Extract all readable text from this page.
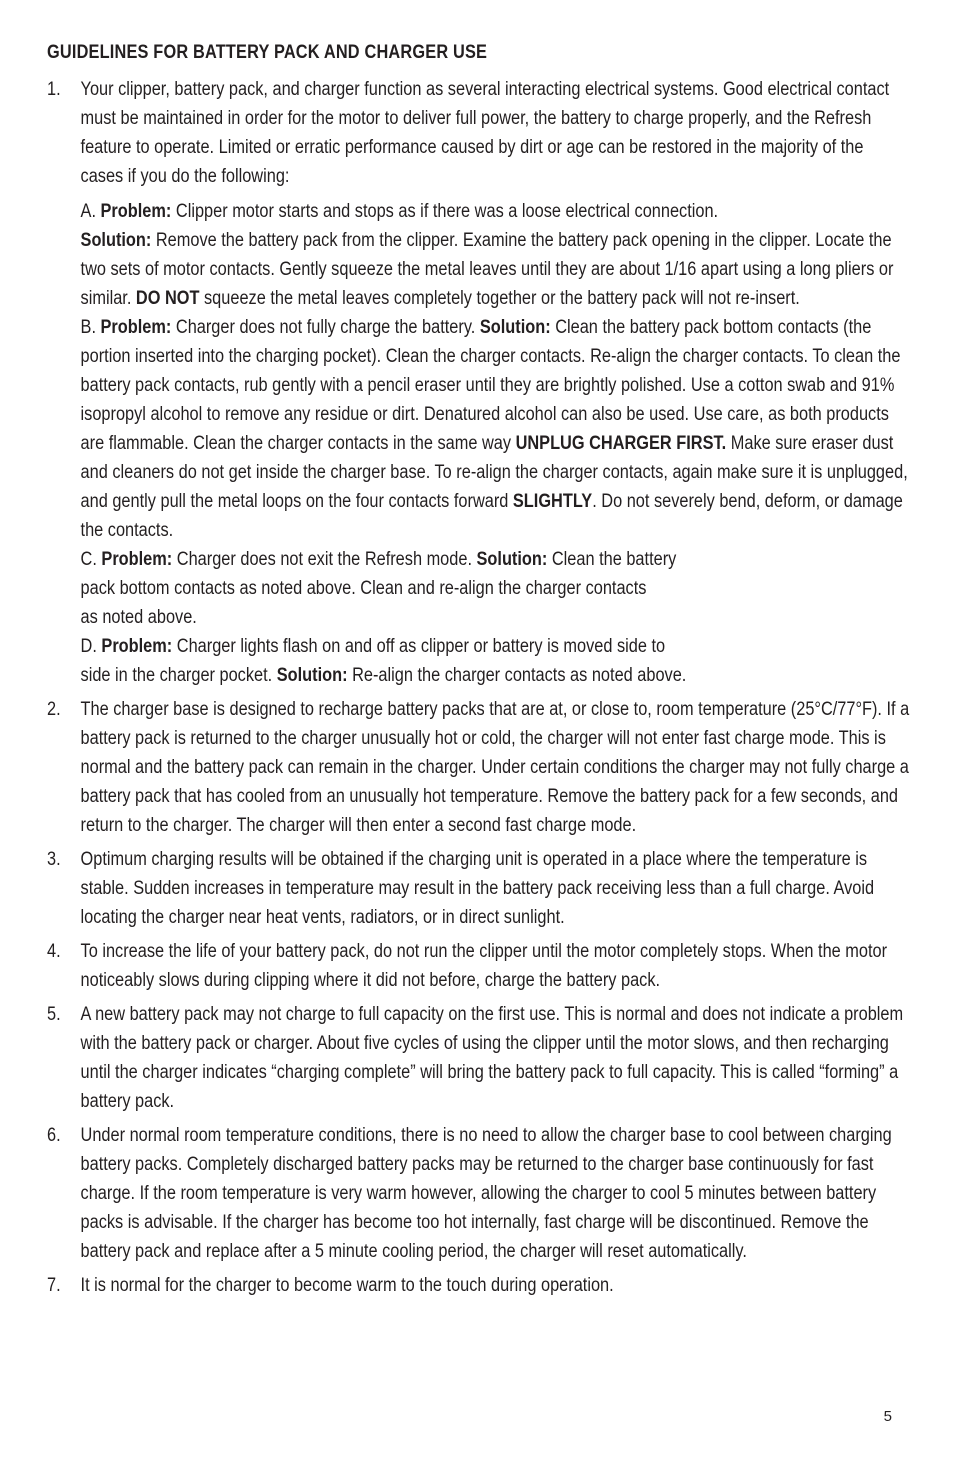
GUIDELINES FOR BATTERY PACK AND CHARGER USE
1. Your clipper, battery pack, and charger function as several interacting electrical systems. Good electrical contact must be maintained in order for the motor to deliver full power, the battery to charge properly, and the Refresh feature to operate. Limited or erratic performance caused by dirt or age can be restored in the majority of the cases if you do the following:

A. Problem: Clipper motor starts and stops as if there was a loose electrical connection.
Solution: Remove the battery pack from the clipper. Examine the battery pack opening in the clipper. Locate the two sets of motor contacts. Gently squeeze the metal leaves until they are about 1/16 apart using a long pliers or similar. DO NOT squeeze the metal leaves completely together or the battery pack will not re-insert.

B. Problem: Charger does not fully charge the battery. Solution: Clean the battery pack bottom contacts (the portion inserted into the charging pocket). Clean the charger contacts. Re-align the charger contacts. To clean the battery pack contacts, rub gently with a pencil eraser until they are brightly polished. Use a cotton swab and 91% isopropyl alcohol to remove any residue or dirt. Denatured alcohol can also be used. Use care, as both products are flammable. Clean the charger contacts in the same way UNPLUG CHARGER FIRST. Make sure eraser dust and cleaners do not get inside the charger base. To re-align the charger contacts, again make sure it is unplugged, and gently pull the metal loops on the four contacts forward SLIGHTLY. Do not severely bend, deform, or damage the contacts.

C. Problem: Charger does not exit the Refresh mode. Solution: Clean the battery
pack bottom contacts as noted above. Clean and re-align the charger contacts
as noted above.

D. Problem: Charger lights flash on and off as clipper or battery is moved side to
side in the charger pocket. Solution: Re-align the charger contacts as noted above.

2. The charger base is designed to recharge battery packs that are at, or close to, room temperature (25°C/77°F). If a battery pack is returned to the charger unusually hot or cold, the charger will not enter fast charge mode. This is normal and the battery pack can remain in the charger. Under certain conditions the charger may not fully charge a battery pack that has cooled from an unusually hot temperature. Remove the battery pack for a few seconds, and return to the charger. The charger will then enter a second fast charge mode.
3. Optimum charging results will be obtained if the charging unit is operated in a place where the temperature is stable. Sudden increases in temperature may result in the battery pack receiving less than a full charge. Avoid locating the charger near heat vents, radiators, or in direct sunlight.
4. To increase the life of your battery pack, do not run the clipper until the motor completely stops. When the motor noticeably slows during clipping where it did not before, charge the battery pack.
5. A new battery pack may not charge to full capacity on the first use. This is normal and does not indicate a problem with the battery pack or charger. About five cycles of using the clipper until the motor slows, and then recharging until the charger indicates “charging complete” will bring the battery pack to full capacity. This is called “forming” a battery pack.
6. Under normal room temperature conditions, there is no need to allow the charger base to cool between charging battery packs. Completely discharged battery packs may be returned to the charger base continuously for fast charge. If the room temperature is very warm however, allowing the charger to cool 5 minutes between battery packs is advisable. If the charger has become too hot internally, fast charge will be discontinued. Remove the battery pack and replace after a 5 minute cooling period, the charger will reset automatically.
7. It is normal for the charger to become warm to the touch during operation.
5
